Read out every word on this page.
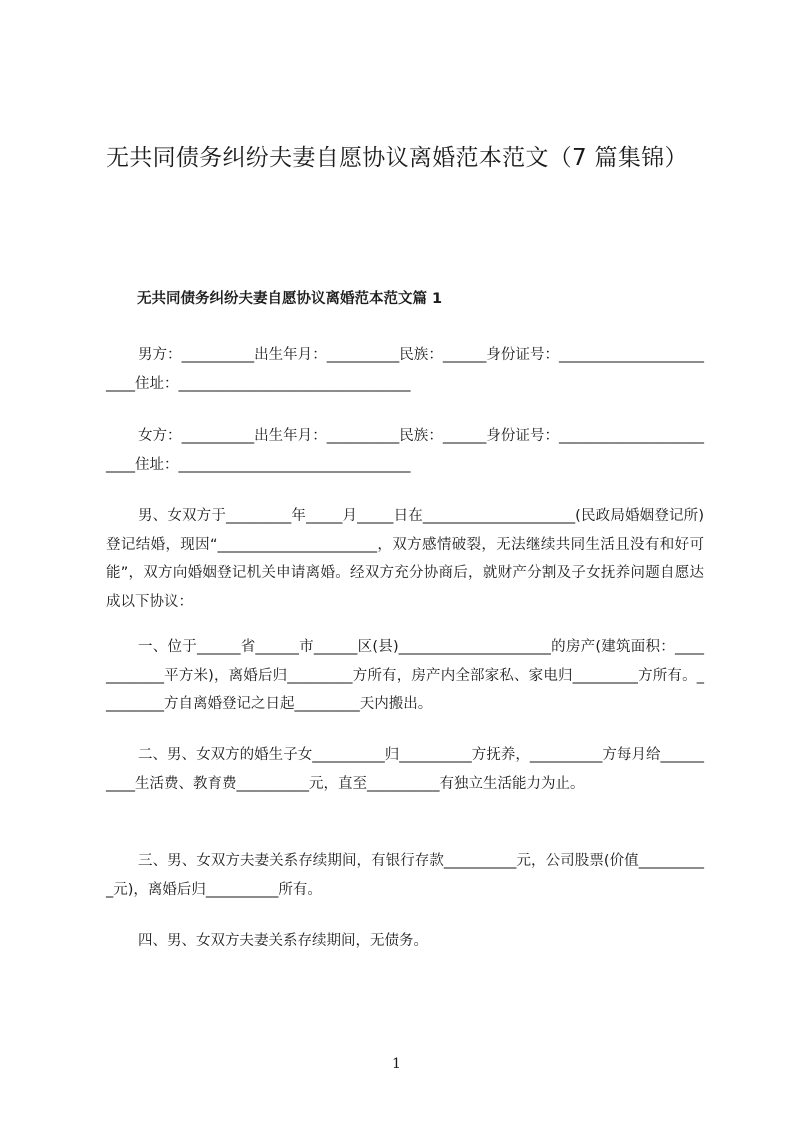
无共同债务纠纷夫妻自愿协议离婚范本范文（7 篇集锦）
无共同债务纠纷夫妻自愿协议离婚范本范文篇 1
男方：__________出生年月：__________民族：______身份证号：________________________住址：________________________________
女方：__________出生年月：__________民族：______身份证号：________________________住址：________________________________
男、女双方于_________年_____月_____日在_____________________(民政局婚姻登记所)登记结婚，现因“______________________，双方感情破裂，无法继续共同生活且没有和好可能”，双方向婚姻登记机关申请离婚。经双方充分协商后，就财产分割及子女抚养问题自愿达成以下协议：
一、位于______省______市______区(县)_____________________的房产(建筑面积：____________平方米)，离婚后归_________方所有，房产内全部家私、家电归_________方所有。_________方自离婚登记之日起_________天内搬出。
二、男、女双方的婚生子女__________归__________方抚养，__________方每月给__________生活费、教育费__________元，直至__________有独立生活能力为止。
三、男、女双方夫妻关系存续期间，有银行存款__________元，公司股票(价值__________元)，离婚后归__________所有。
四、男、女双方夫妻关系存续期间，无债务。
1
